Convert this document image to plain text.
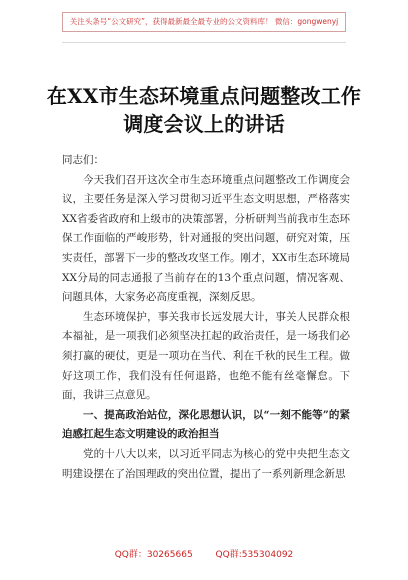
关注头条号“公文研究”，获得最新最全最专业的公文资料库！ 微信：gongwenyj
在XX市生态环境重点问题整改工作调度会议上的讲话

同志们：

今天我们召开这次全市生态环境重点问题整改工作调度会议，主要任务是深入学习贯彻习近平生态文明思想，严格落实XX省委省政府和上级市的决策部署，分析研判当前我市生态环保工作面临的严峻形势，针对通报的突出问题，研究对策，压实责任，部署下一步的整改攻坚工作。刚才，XX市生态环境局XX分局的同志通报了当前存在的13个重点问题，情况客观、问题具体，大家务必高度重视，深刻反思。

生态环境保护，事关我市长远发展大计，事关人民群众根本福祉，是一项我们必须坚决扛起的政治责任，是一场我们必须打赢的硬仗，更是一项功在当代、利在千秋的民生工程。做好这项工作，我们没有任何退路，也绝不能有丝毫懈怠。下面，我讲三点意见。

一、提高政治站位，深化思想认识，以“一刻不能等”的紧迫感扛起生态文明建设的政治担当

党的十八大以来，以习近平同志为核心的党中央把生态文明建设摆在了治国理政的突出位置，提出了一系列新理念新思

QQ群：30265665        QQ群:535304092
